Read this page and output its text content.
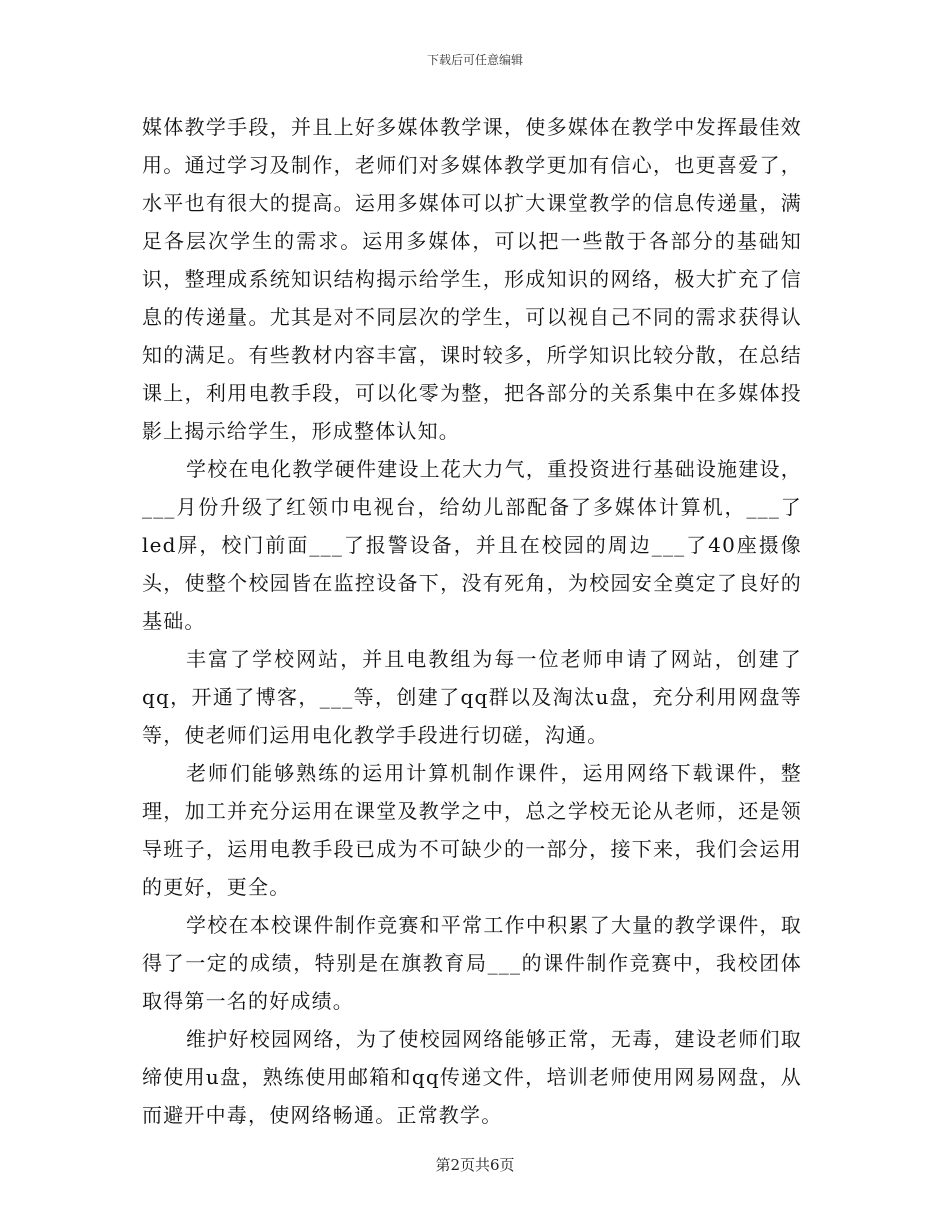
下载后可任意编辑

媒体教学手段，并且上好多媒体教学课，使多媒体在教学中发挥最佳效用。通过学习及制作，老师们对多媒体教学更加有信心，也更喜爱了，水平也有很大的提高。运用多媒体可以扩大课堂教学的信息传递量，满足各层次学生的需求。运用多媒体，可以把一些散于各部分的基础知识，整理成系统知识结构揭示给学生，形成知识的网络，极大扩充了信息的传递量。尤其是对不同层次的学生，可以视自己不同的需求获得认知的满足。有些教材内容丰富，课时较多，所学知识比较分散，在总结课上，利用电教手段，可以化零为整，把各部分的关系集中在多媒体投影上揭示给学生，形成整体认知。

学校在电化教学硬件建设上花大力气，重投资进行基础设施建设，___月份升级了红领巾电视台，给幼儿部配备了多媒体计算机，___了led屏，校门前面___了报警设备，并且在校园的周边___了40座摄像头，使整个校园皆在监控设备下，没有死角，为校园安全奠定了良好的基础。

丰富了学校网站，并且电教组为每一位老师申请了网站，创建了qq，开通了博客，___等，创建了qq群以及淘汰u盘，充分利用网盘等等，使老师们运用电化教学手段进行切磋，沟通。

老师们能够熟练的运用计算机制作课件，运用网络下载课件，整理，加工并充分运用在课堂及教学之中，总之学校无论从老师，还是领导班子，运用电教手段已成为不可缺少的一部分，接下来，我们会运用的更好，更全。

学校在本校课件制作竞赛和平常工作中积累了大量的教学课件，取得了一定的成绩，特别是在旗教育局___的课件制作竞赛中，我校团体取得第一名的好成绩。

维护好校园网络，为了使校园网络能够正常，无毒，建设老师们取缔使用u盘，熟练使用邮箱和qq传递文件，培训老师使用网易网盘，从而避开中毒，使网络畅通。正常教学。

第2页共6页
